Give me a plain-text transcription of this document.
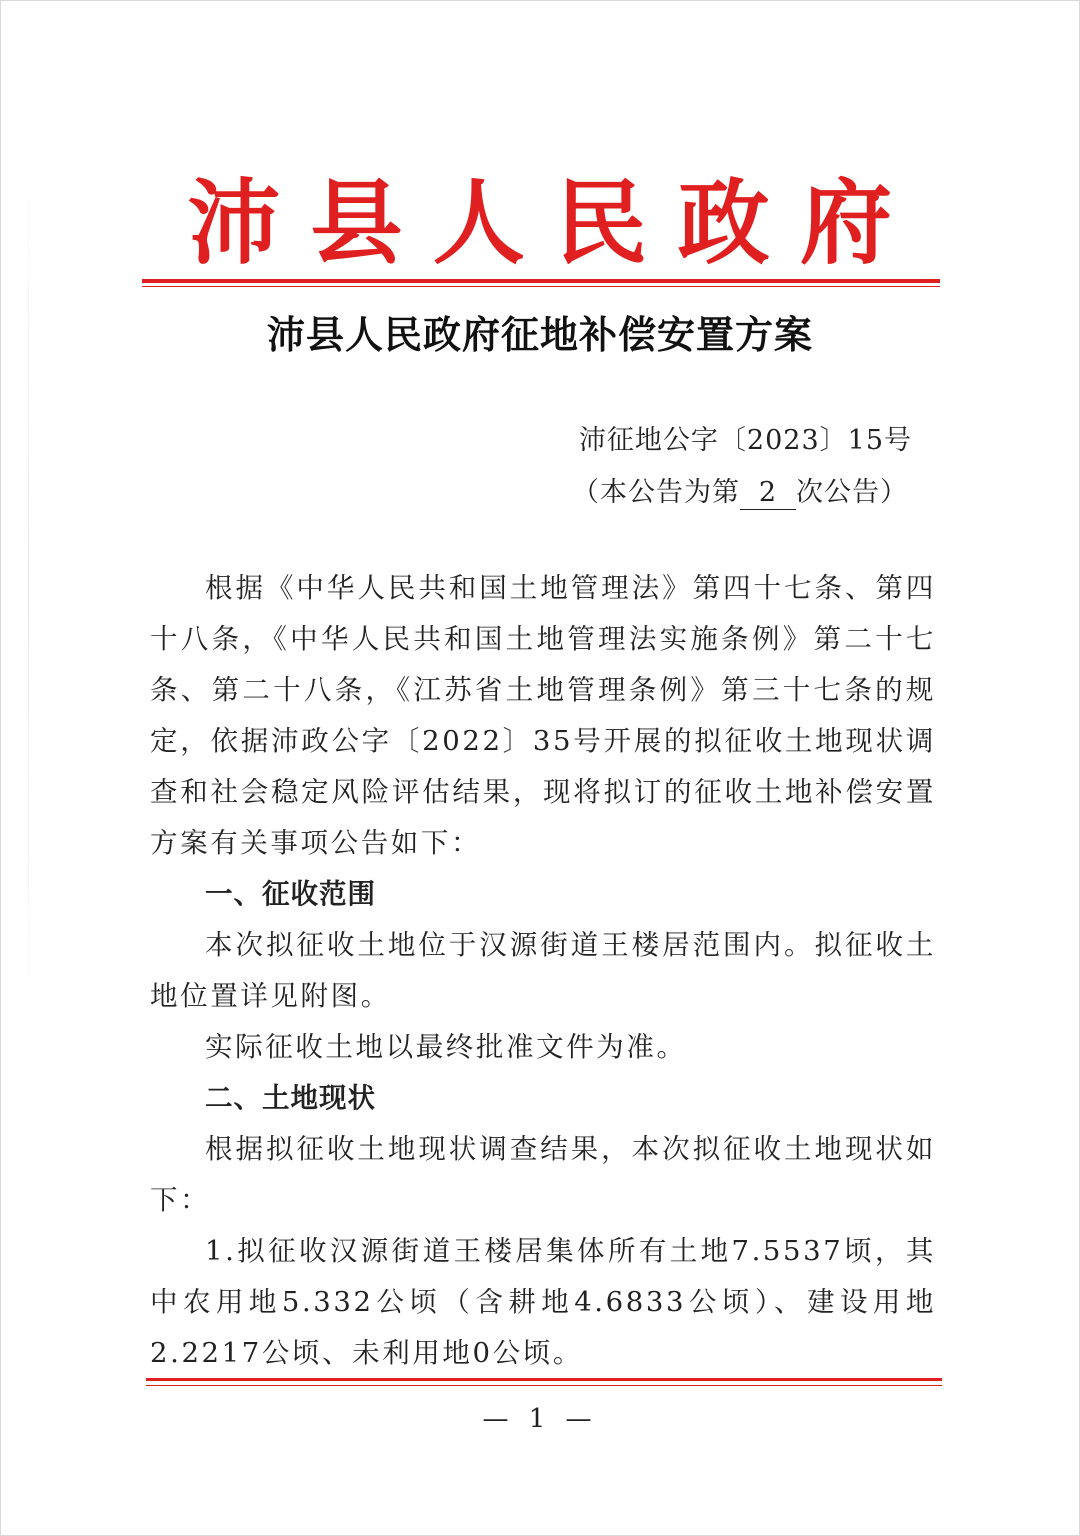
沛 县 人 民 政 府
沛县人民政府征地补偿安置方案
沛征地公字〔2023〕15号
（本公告为第 2 次公告）

根据《中华人民共和国土地管理法》第四十七条、第四十八条，《中华人民共和国土地管理法实施条例》第二十七条、第二十八条，《江苏省土地管理条例》第三十七条的规定，依据沛政公字〔2022〕35号开展的拟征收土地现状调查和社会稳定风险评估结果，现将拟订的征收土地补偿安置方案有关事项公告如下：

一、征收范围

本次拟征收土地位于汉源街道王楼居范围内。拟征收土地位置详见附图。

实际征收土地以最终批准文件为准。

二、土地现状

根据拟征收土地现状调查结果，本次拟征收土地现状如下：

1.拟征收汉源街道王楼居集体所有土地7.5537顷，其中农用地5.332公顷（含耕地4.6833公顷）、建设用地2.2217公顷、未利用地0公顷。

— 1 —
